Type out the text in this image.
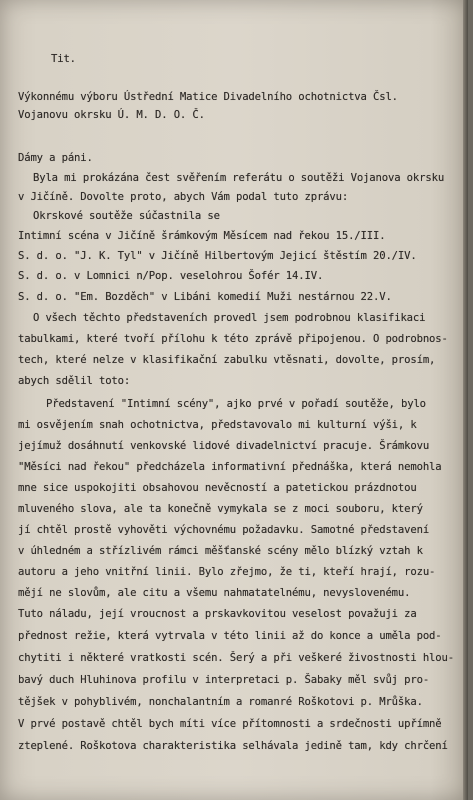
Tit.
Výkonnému výboru Ústřední Matice Divadelního ochotnictva Čsl.
Vojanovu okrsku Ú. M. D. O. Č.
Dámy a páni.
Byla mi prokázána čest svěřením referátu o soutěži Vojanova okrsku
v Jičíně. Dovolte proto, abych Vám podal tuto zprávu:
Okrskové soutěže súčastnila se
Intimní scéna v Jičíně šrámkovým Měsícem nad řekou 15./III.
S. d. o. "J. K. Tyl" v Jičíně Hilbertovým Jejicí štěstím 20./IV.
S. d. o. v Lomnici n/Pop. veselohrou Šofér 14.IV.
S. d. o. "Em. Bozděch" v Libáni komedií Muži nestárnou 22.V.
O všech těchto představeních provedl jsem podrobnou klasifikaci
tabulkami, které tvoří přílohu k této zprávě připojenou. O podrobnos-
tech, které nelze v klasifikační zabulku vtěsnati, dovolte, prosím,
abych sdělil toto:
Představení "Intimní scény", ajko prvé v pořadí soutěže, bylo
mi osvějením snah ochotnictva, představovalo mi kulturní výši, k
jejímuž dosáhnutí venkovské lidové divadelnictví pracuje. Šrámkovu
"Měsíci nad řekou" předcházela informativní přednáška, která nemohla
mne sice uspokojiti obsahovou nevěcností a patetickou prázdnotou
mluveného slova, ale ta konečně vymykala se z moci souboru, který
jí chtěl prostě vyhověti výchovnému požadavku. Samotné představení
v úhledném a střízlivém rámci měšťanské scény mělo blízký vztah k
autoru a jeho vnitřní linii. Bylo zřejmo, že ti, kteří hrají, rozu-
mějí ne slovům, ale citu a všemu nahmatatelnému, nevyslovenému.
Tuto náladu, její vroucnost a prskavkovitou veselost považuji za
přednost režie, která vytrvala v této linii až do konce a uměla pod-
chytiti i některé vratkosti scén. Šerý a při veškeré živostnosti hlou-
bavý duch Hluhinova profilu v interpretaci p. Šabaky měl svůj pro-
tějšek v pohyblivém, nonchalantním a romanré Roškotovi p. Mrůška.
V prvé postavě chtěl bych míti více přítomnosti a srdečnosti upřímně
zteplené. Roškotova charakteristika selhávala jedině tam, kdy chrčení
